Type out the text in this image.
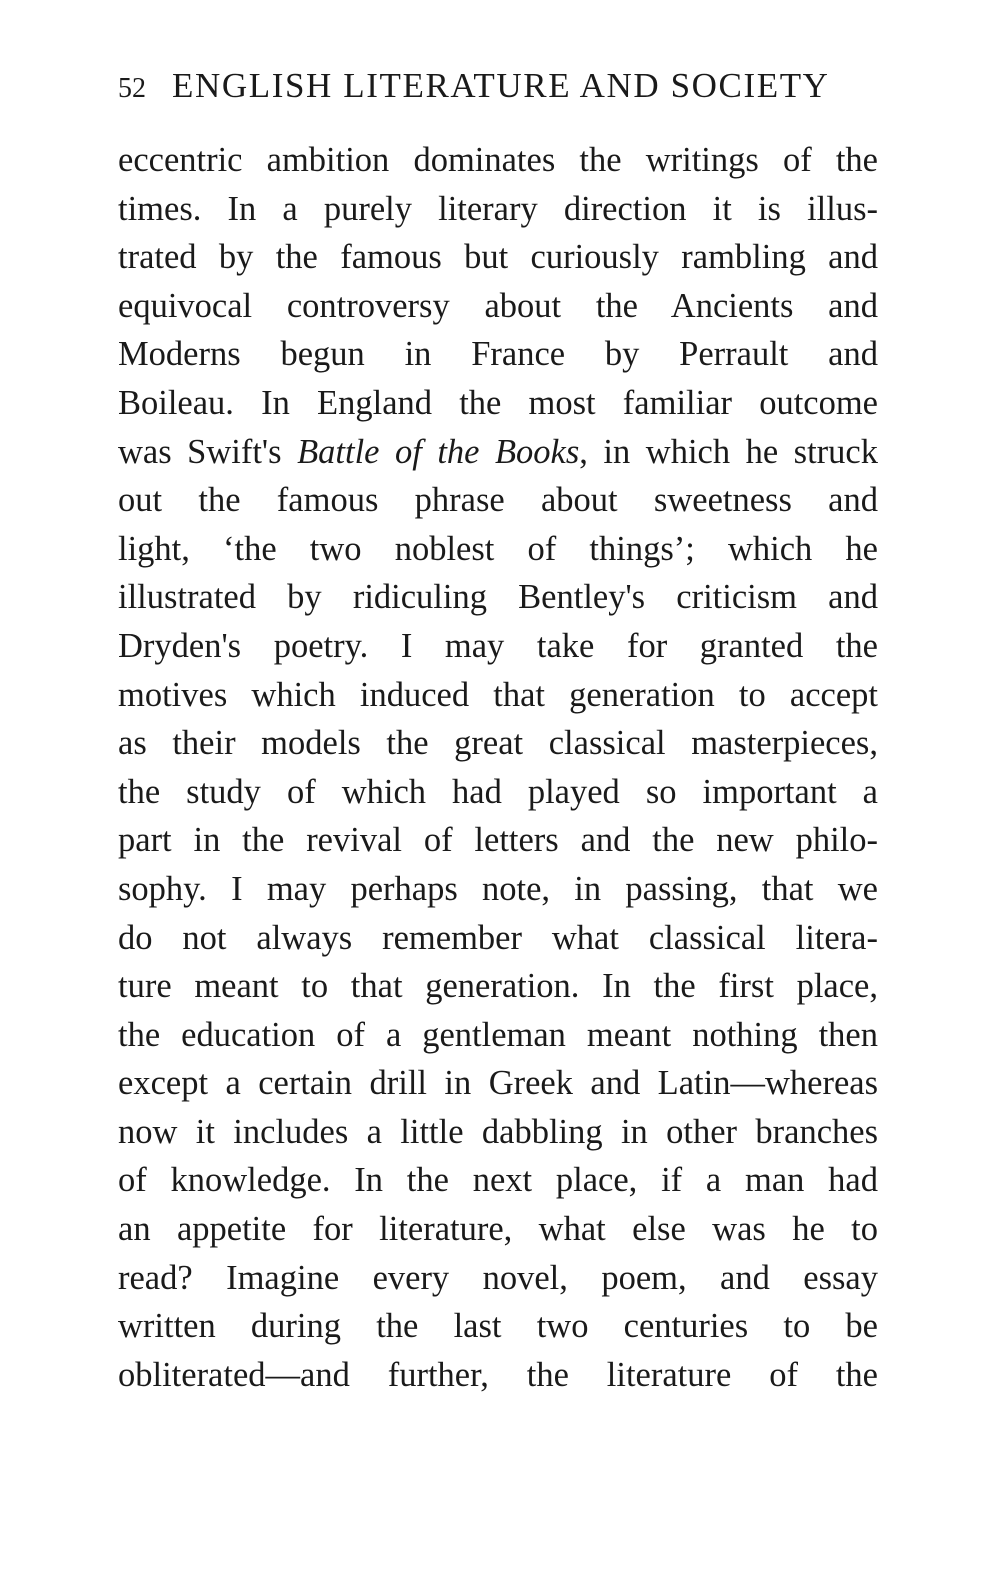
52 ENGLISH LITERATURE AND SOCIETY
eccentric ambition dominates the writings of the
times. In a purely literary direction it is illus-
trated by the famous but curiously rambling and
equivocal controversy about the Ancients and
Moderns begun in France by Perrault and
Boileau. In England the most familiar outcome
was Swift's Battle of the Books, in which he struck
out the famous phrase about sweetness and
light, ‘the two noblest of things’; which he
illustrated by ridiculing Bentley's criticism and
Dryden's poetry. I may take for granted the
motives which induced that generation to accept
as their models the great classical masterpieces,
the study of which had played so important a
part in the revival of letters and the new philo-
sophy. I may perhaps note, in passing, that we
do not always remember what classical litera-
ture meant to that generation. In the first place,
the education of a gentleman meant nothing then
except a certain drill in Greek and Latin—whereas
now it includes a little dabbling in other branches
of knowledge. In the next place, if a man had
an appetite for literature, what else was he to
read? Imagine every novel, poem, and essay
written during the last two centuries to be
obliterated—and further, the literature of the
